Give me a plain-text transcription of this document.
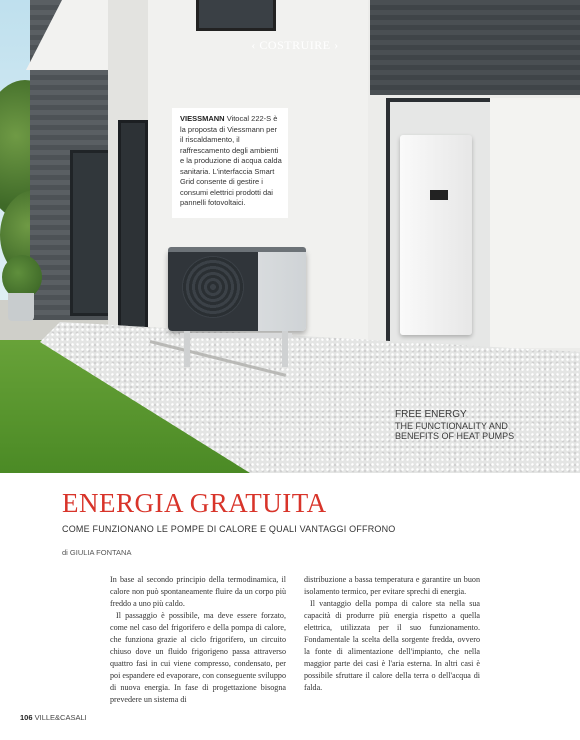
‹ COSTRUIRE ›
VIESSMANN Vitocal 222-S è la proposta di Viessmann per il riscaldamento, il raffrescamento degli ambienti e la produzione di acqua calda sanitaria. L'interfaccia Smart Grid consente di gestire i consumi elettrici prodotti dai pannelli fotovoltaici.
FREE ENERGY
THE FUNCTIONALITY AND BENEFITS OF HEAT PUMPS
ENERGIA GRATUITA
COME FUNZIONANO LE POMPE DI CALORE E QUALI VANTAGGI OFFRONO
di GIULIA FONTANA

In base al secondo principio della termodinamica, il calore non può spontaneamente fluire da un corpo più freddo a uno più caldo.

Il passaggio è possibile, ma deve essere forzato, come nel caso del frigorifero e della pompa di calore, che funziona grazie al ciclo frigorifero, un circuito chiuso dove un fluido frigorigeno passa attraverso quattro fasi in cui viene compresso, condensato, per poi espandere ed evaporare, con conseguente sviluppo di nuova energia. In fase di progettazione bisogna prevedere un sistema di

distribuzione a bassa temperatura e garantire un buon isolamento termico, per evitare sprechi di energia.

Il vantaggio della pompa di calore sta nella sua capacità di produrre più energia rispetto a quella elettrica, utilizzata per il suo funzionamento. Fondamentale la scelta della sorgente fredda, ovvero la fonte di alimentazione dell'impianto, che nella maggior parte dei casi è l'aria esterna. In altri casi è possibile sfruttare il calore della terra o dell'acqua di falda.

106 VILLE&CASALI
